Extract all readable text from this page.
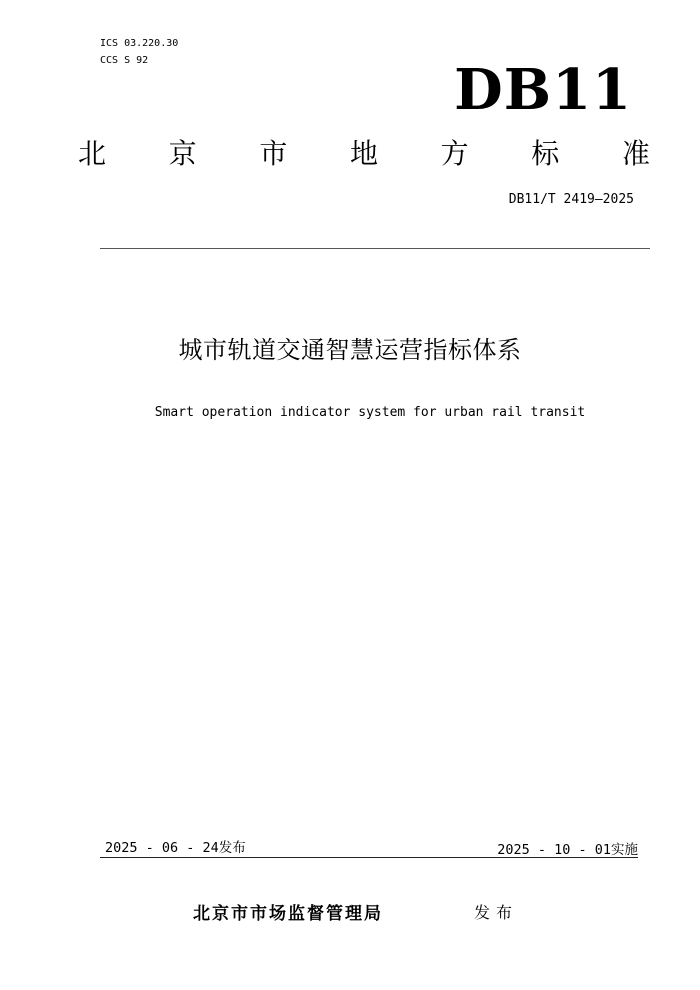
ICS 03.220.30
CCS S 92	DB11
北 京 市 地 方 标 准
DB11/T 2419—2025
城市轨道交通智慧运营指标体系
Smart operation indicator system for urban rail transit
2025 - 06 - 24发布	2025 - 10 - 01实施
北京市市场监督管理局	发布
